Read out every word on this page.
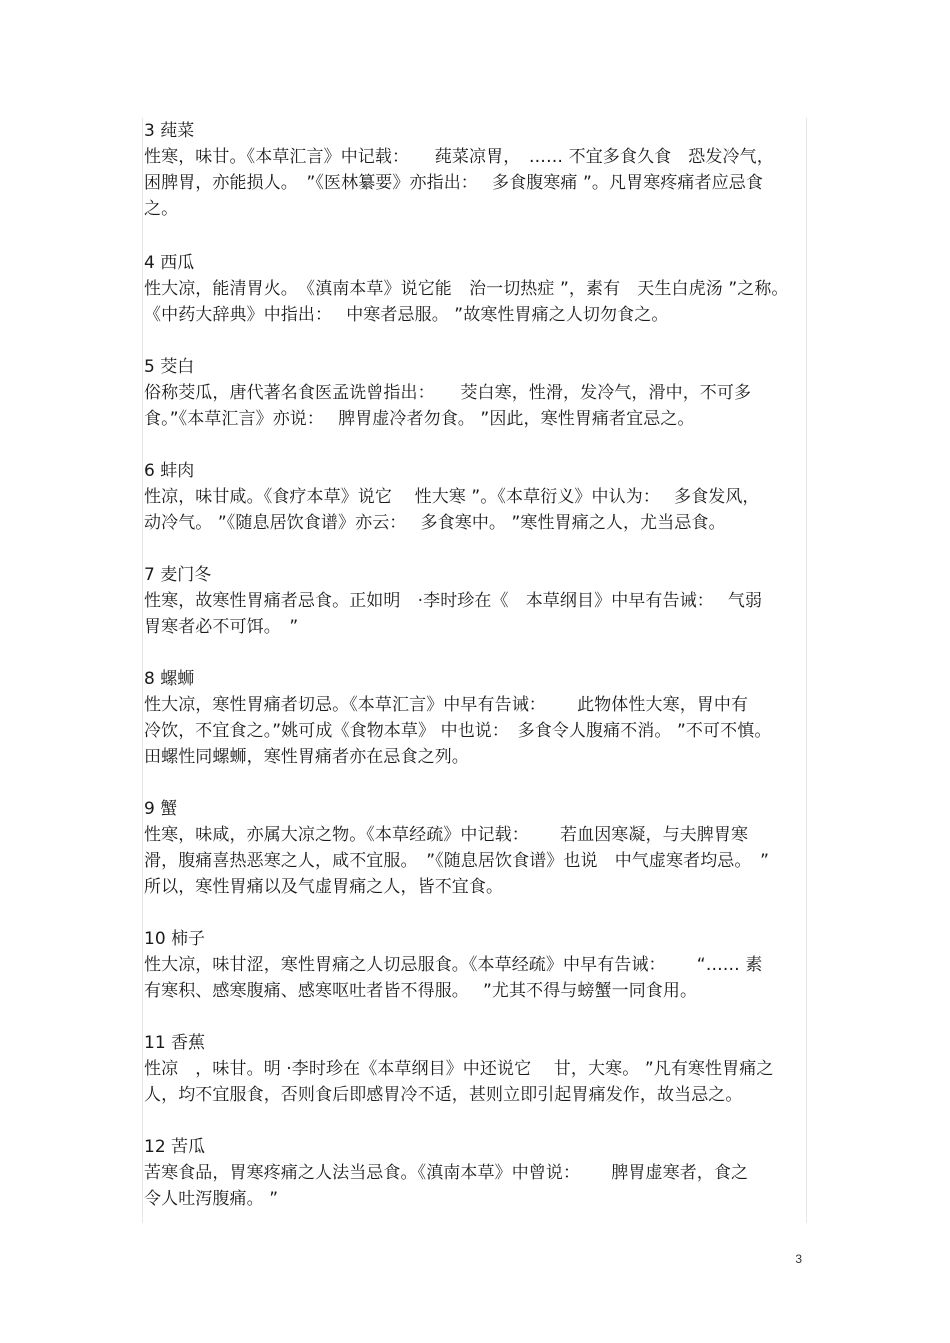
3 莼菜
性寒，味甘。《本草汇言》中记载：　　莼菜凉胃，　…… 不宜多食久食　恐发冷气，
困脾胃，亦能损人。　”《医林纂要》亦指出：　 多食腹寒痛 ”。凡胃寒疼痛者应忌食
之。
4 西瓜
性大凉，能清胃火。　《滇南本草》说它能　治一切热症 ”，素有　天生白虎汤 ”之称。
《中药大辞典》中指出：　 中寒者忌服。 ”故寒性胃痛之人切勿食之。
5 茭白
俗称茭瓜，唐代著名食医孟诜曾指出：　　茭白寒，性滑，发冷气，滑中，不可多
食。”《本草汇言》亦说：　 脾胃虚冷者勿食。 ”因此，寒性胃痛者宜忌之。
6 蚌肉
性凉，味甘咸。《食疗本草》说它　 性大寒 ”。《本草衍义》中认为：　 多食发风，
动冷气。 ”《随息居饮食谱》亦云：　 多食寒中。 ”寒性胃痛之人，尤当忌食。
7 麦门冬
性寒，故寒性胃痛者忌食。正如明　·李时珍在《　本草纲目》中早有告诫：　 气弱
胃寒者必不可饵。　”
8 螺蛳
性大凉，寒性胃痛者切忌。《本草汇言》中早有告诫：　　 此物体性大寒，胃中有
冷饮，不宜食之。”姚可成《食物本草》 中也说：　多食令人腹痛不消。 ”不可不慎。
田螺性同螺蛳，寒性胃痛者亦在忌食之列。
9 蟹
性寒，味咸，亦属大凉之物。《本草经疏》中记载：　　 若血因寒凝，与夫脾胃寒
滑，腹痛喜热恶寒之人，咸不宜服。　”《随息居饮食谱》也说　中气虚寒者均忌。　”
所以，寒性胃痛以及气虚胃痛之人，皆不宜食。
10 柿子
性大凉，味甘涩，寒性胃痛之人切忌服食。《本草经疏》中早有告诫：　　 “…… 素
有寒积、感寒腹痛、感寒呕吐者皆不得服。　 ”尤其不得与螃蟹一同食用。
11 香蕉
性凉　，味甘。明 ·李时珍在《本草纲目》中还说它　 甘，大寒。 ”凡有寒性胃痛之
人，均不宜服食，否则食后即感胃冷不适，甚则立即引起胃痛发作，故当忌之。
12 苦瓜
苦寒食品，胃寒疼痛之人法当忌食。《滇南本草》中曾说：　　 脾胃虚寒者，食之
令人吐泻腹痛。 ”
3
